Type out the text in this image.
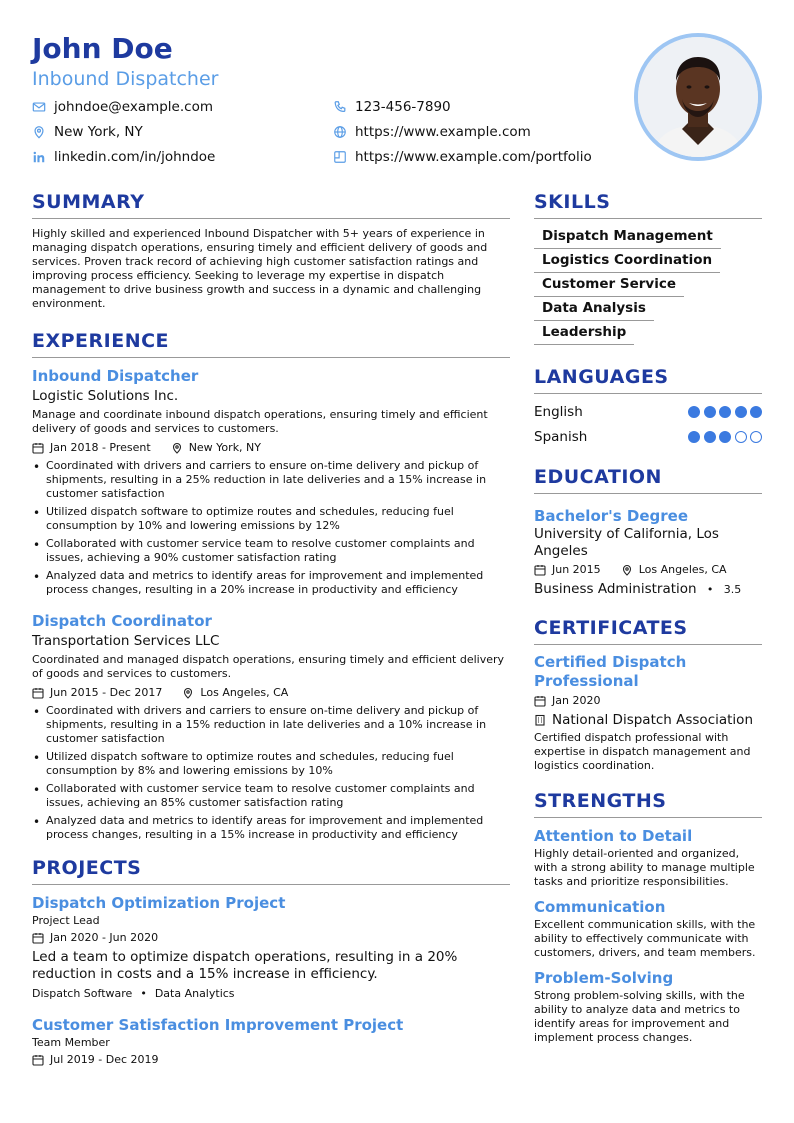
John Doe
Inbound Dispatcher
johndoe@example.com	123-456-7890
New York, NY	https://www.example.com
linkedin.com/in/johndoe	https://www.example.com/portfolio
SUMMARY
Highly skilled and experienced Inbound Dispatcher with 5+ years of experience in managing dispatch operations, ensuring timely and efficient delivery of goods and services. Proven track record of achieving high customer satisfaction ratings and improving process efficiency. Seeking to leverage my expertise in dispatch management to drive business growth and success in a dynamic and challenging environment.
EXPERIENCE
Inbound Dispatcher
Logistic Solutions Inc.
Manage and coordinate inbound dispatch operations, ensuring timely and efficient delivery of goods and services to customers.
Jan 2018 - Present	New York, NY
• Coordinated with drivers and carriers to ensure on-time delivery and pickup of shipments, resulting in a 25% reduction in late deliveries and a 15% increase in customer satisfaction
• Utilized dispatch software to optimize routes and schedules, reducing fuel consumption by 10% and lowering emissions by 12%
• Collaborated with customer service team to resolve customer complaints and issues, achieving a 90% customer satisfaction rating
• Analyzed data and metrics to identify areas for improvement and implemented process changes, resulting in a 20% increase in productivity and efficiency
Dispatch Coordinator
Transportation Services LLC
Coordinated and managed dispatch operations, ensuring timely and efficient delivery of goods and services to customers.
Jun 2015 - Dec 2017	Los Angeles, CA
• Coordinated with drivers and carriers to ensure on-time delivery and pickup of shipments, resulting in a 15% reduction in late deliveries and a 10% increase in customer satisfaction
• Utilized dispatch software to optimize routes and schedules, reducing fuel consumption by 8% and lowering emissions by 10%
• Collaborated with customer service team to resolve customer complaints and issues, achieving an 85% customer satisfaction rating
• Analyzed data and metrics to identify areas for improvement and implemented process changes, resulting in a 15% increase in productivity and efficiency
PROJECTS
Dispatch Optimization Project
Project Lead
Jan 2020 - Jun 2020
Led a team to optimize dispatch operations, resulting in a 20% reduction in costs and a 15% increase in efficiency.
Dispatch Software • Data Analytics
Customer Satisfaction Improvement Project
Team Member
Jul 2019 - Dec 2019
SKILLS
Dispatch Management
Logistics Coordination
Customer Service
Data Analysis
Leadership
LANGUAGES
English
Spanish
EDUCATION
Bachelor's Degree
University of California, Los Angeles
Jun 2015	Los Angeles, CA
Business Administration • 3.5
CERTIFICATES
Certified Dispatch Professional
Jan 2020
National Dispatch Association
Certified dispatch professional with expertise in dispatch management and logistics coordination.
STRENGTHS
Attention to Detail
Highly detail-oriented and organized, with a strong ability to manage multiple tasks and prioritize responsibilities.
Communication
Excellent communication skills, with the ability to effectively communicate with customers, drivers, and team members.
Problem-Solving
Strong problem-solving skills, with the ability to analyze data and metrics to identify areas for improvement and implement process changes.
